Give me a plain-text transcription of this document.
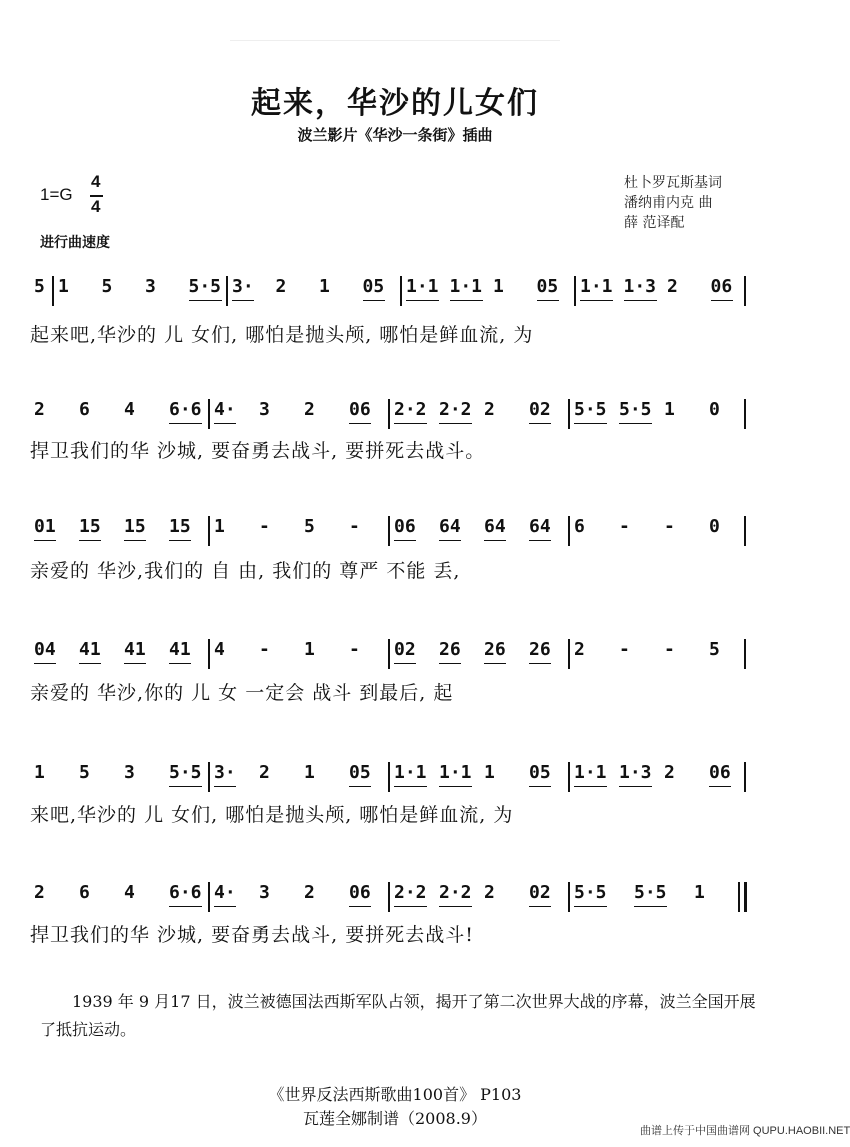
起来，华沙的儿女们
波兰影片《华沙一条街》插曲
1=G
4
4
进行曲速度
杜卜罗瓦斯基词
潘纳甫内克 曲
薛 范译配
5 1 5 3 5·5 3· 2 1 05 1·1 1·1 1 05 1·1 1·3 2 06
起来吧,华沙的 儿 女们, 哪怕是抛头颅, 哪怕是鲜血流, 为
2 6 4 6·6 4· 3 2 06 2·2 2·2 2 02 5·5 5·5 1 0
捍卫我们的华 沙城, 要奋勇去战斗, 要拼死去战斗。
01 15 15 15 1 - 5 - 06 64 64 64 6 - - 0
亲爱的 华沙,我们的 自 由, 我们的 尊严 不能 丢,
04 41 41 41 4 - 1 - 02 26 26 26 2 - - 5
亲爱的 华沙,你的 儿 女 一定会 战斗 到最后, 起
1 5 3 5·5 3· 2 1 05 1·1 1·1 1 05 1·1 1·3 2 06
来吧,华沙的 儿 女们, 哪怕是抛头颅, 哪怕是鲜血流, 为
2 6 4 6·6 4· 3 2 06 2·2 2·2 2 02 5·5 5·5 1
捍卫我们的华 沙城, 要奋勇去战斗, 要拼死去战斗!
　　1939 年 9 月17 日，波兰被德国法西斯军队占领，揭开了第二次世界大战的序幕，波兰全国开展了抵抗运动。
《世界反法西斯歌曲100首》 P103
瓦莲全娜制谱（2008.9）
曲谱上传于中国曲谱网 QUPU.HAOBII.NET
